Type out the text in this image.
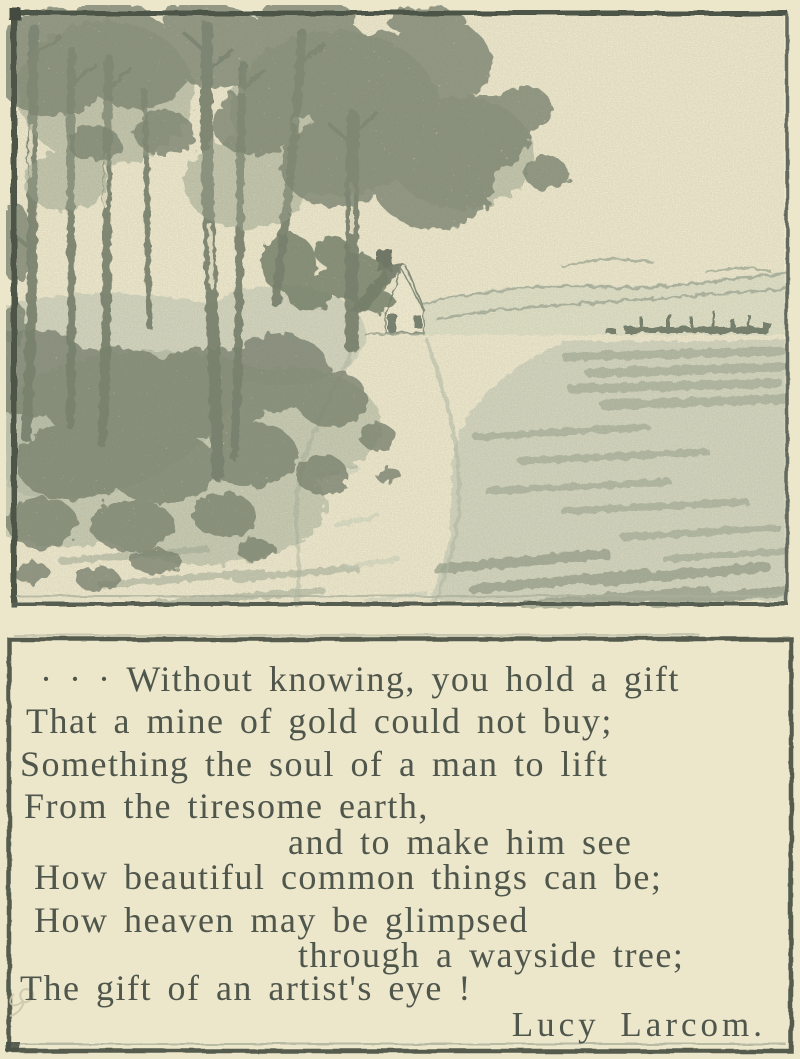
· · · Without knowing, you hold a gift
That a mine of gold could not buy;
Something the soul of a man to lift
From the tiresome earth,
and to make him see
How beautiful common things can be;
How heaven may be glimpsed
through a wayside tree;
The gift of an artist's eye !
Lucy Larcom.
